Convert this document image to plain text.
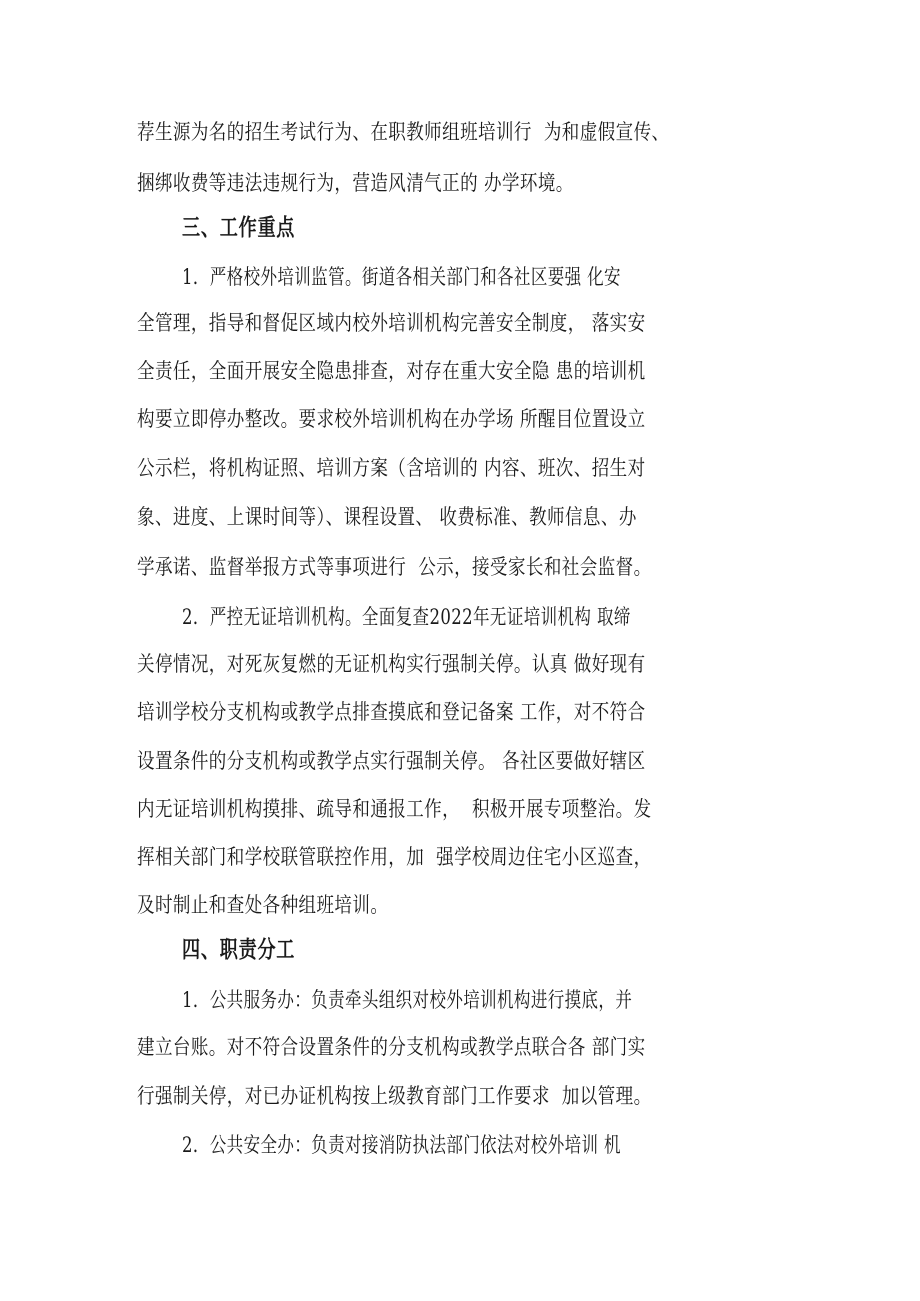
荐生源为名的招生考试行为、在职教师组班培训行  为和虚假宣传、
捆绑收费等违法违规行为，营造风清气正的 办学环境。
三、工作重点
1．严格校外培训监管。街道各相关部门和各社区要强 化安
全管理，指导和督促区域内校外培训机构完善安全制度， 落实安
全责任，全面开展安全隐患排查，对存在重大安全隐 患的培训机
构要立即停办整改。要求校外培训机构在办学场 所醒目位置设立
公示栏，将机构证照、培训方案（含培训的 内容、班次、招生对
象、进度、上课时间等）、课程设置、 收费标准、教师信息、办
学承诺、监督举报方式等事项进行  公示，接受家长和社会监督。
2．严控无证培训机构。全面复查2022年无证培训机构 取缔
关停情况，对死灰复燃的无证机构实行强制关停。认真 做好现有
培训学校分支机构或教学点排查摸底和登记备案 工作，对不符合
设置条件的分支机构或教学点实行强制关停。 各社区要做好辖区
内无证培训机构摸排、疏导和通报工作，  积极开展专项整治。发
挥相关部门和学校联管联控作用，加  强学校周边住宅小区巡查，
及时制止和查处各种组班培训。
四、职责分工
1．公共服务办：负责牵头组织对校外培训机构进行摸底，并
建立台账。对不符合设置条件的分支机构或教学点联合各 部门实
行强制关停，对已办证机构按上级教育部门工作要求  加以管理。
2．公共安全办：负责对接消防执法部门依法对校外培训 机
